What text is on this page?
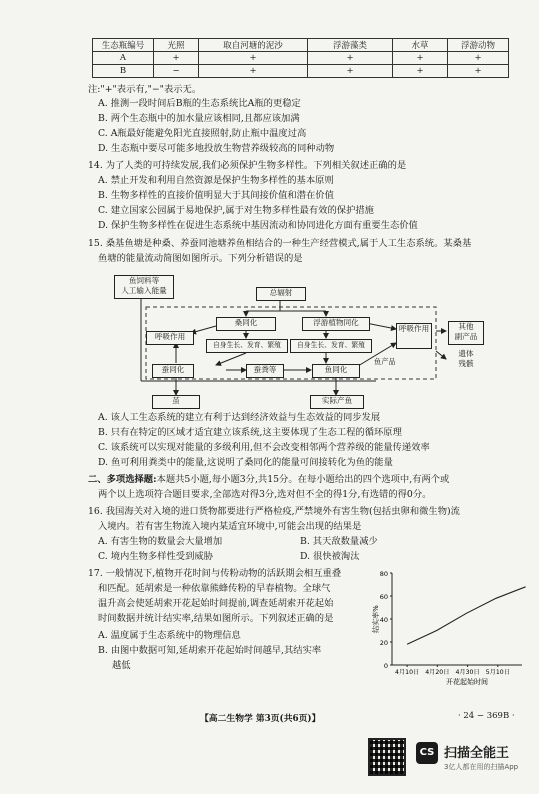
生态瓶编号	光照	取自河塘的泥沙	浮游藻类	水草	浮游动物
A	+	+	+	+	+
B	−	+	+	+	+
注:"+"表示有,"−"表示无。
A. 推测一段时间后B瓶的生态系统比A瓶的更稳定
B. 两个生态瓶中的加水量应该相同,且都应该加满
C. A瓶最好能避免阳光直接照射,防止瓶中温度过高
D. 生态瓶中要尽可能多地投放生物营养级较高的同种动物
14. 为了人类的可持续发展,我们必须保护生物多样性。下列相关叙述正确的是
A. 禁止开发和利用自然资源是保护生物多样性的基本原则
B. 生物多样性的直接价值明显大于其间接价值和潜在价值
C. 建立国家公园属于易地保护,属于对生物多样性最有效的保护措施
D. 保护生物多样性在促进生态系统中基因流动和协同进化方面有重要生态价值
15. 桑基鱼塘是种桑、养蚕同池塘养鱼相结合的一种生产经营模式,属于人工生态系统。某桑基
鱼塘的能量流动简图如图所示。下列分析错误的是
鱼饲料等
人工输入能量	总辐射
桑同化	浮游植物同化
呼吸作用
呼吸作用
自身生长、发育、繁殖	自身生长、发育、繁殖
蚕同化	蚕粪等	鱼同化
其他
副产品
遗体
残骸
鱼产品
茧	实际产鱼
A. 该人工生态系统的建立有利于达到经济效益与生态效益的同步发展
B. 只有在特定的区域才适宜建立该系统,这主要体现了生态工程的循环原理
C. 该系统可以实现对能量的多级利用,但不会改变相邻两个营养级的能量传递效率
D. 鱼可利用粪类中的能量,这说明了桑同化的能量可间接转化为鱼的能量
二、多项选择题:本题共5小题,每小题3分,共15分。在每小题给出的四个选项中,有两个或
两个以上选项符合题目要求,全部选对得3分,选对但不全的得1分,有选错的得0分。
16. 我国海关对入境的进口货物都要进行严格检疫,严禁境外有害生物(包括虫卵和微生物)流
入境内。若有害生物流入境内某适宜环境中,可能会出现的结果是
A. 有害生物的数量会大量增加	B. 其天敌数量减少
C. 境内生物多样性受到威胁	D. 很快被淘汰
17. 一般情况下,植物开花时间与传粉动物的活跃期会相互重叠
和匹配。延胡索是一种依靠熊蜂传粉的早春植物。全球气
温升高会使延胡索开花起始时间提前,调查延胡索开花起始
时间数据并统计结实率,结果如图所示。下列叙述正确的是
A. 温度属于生态系统中的物理信息
B. 由图中数据可知,延胡索开花起始时间越早,其结实率
越低	0
20
40
60
80
4月10日 4月20日 4月30日 5月10日
结实率%
开花起始时间
【高二生物学 第3页(共6页)】	· 24 − 369B ·
CS 扫描全能王
3亿人都在用的扫描App
